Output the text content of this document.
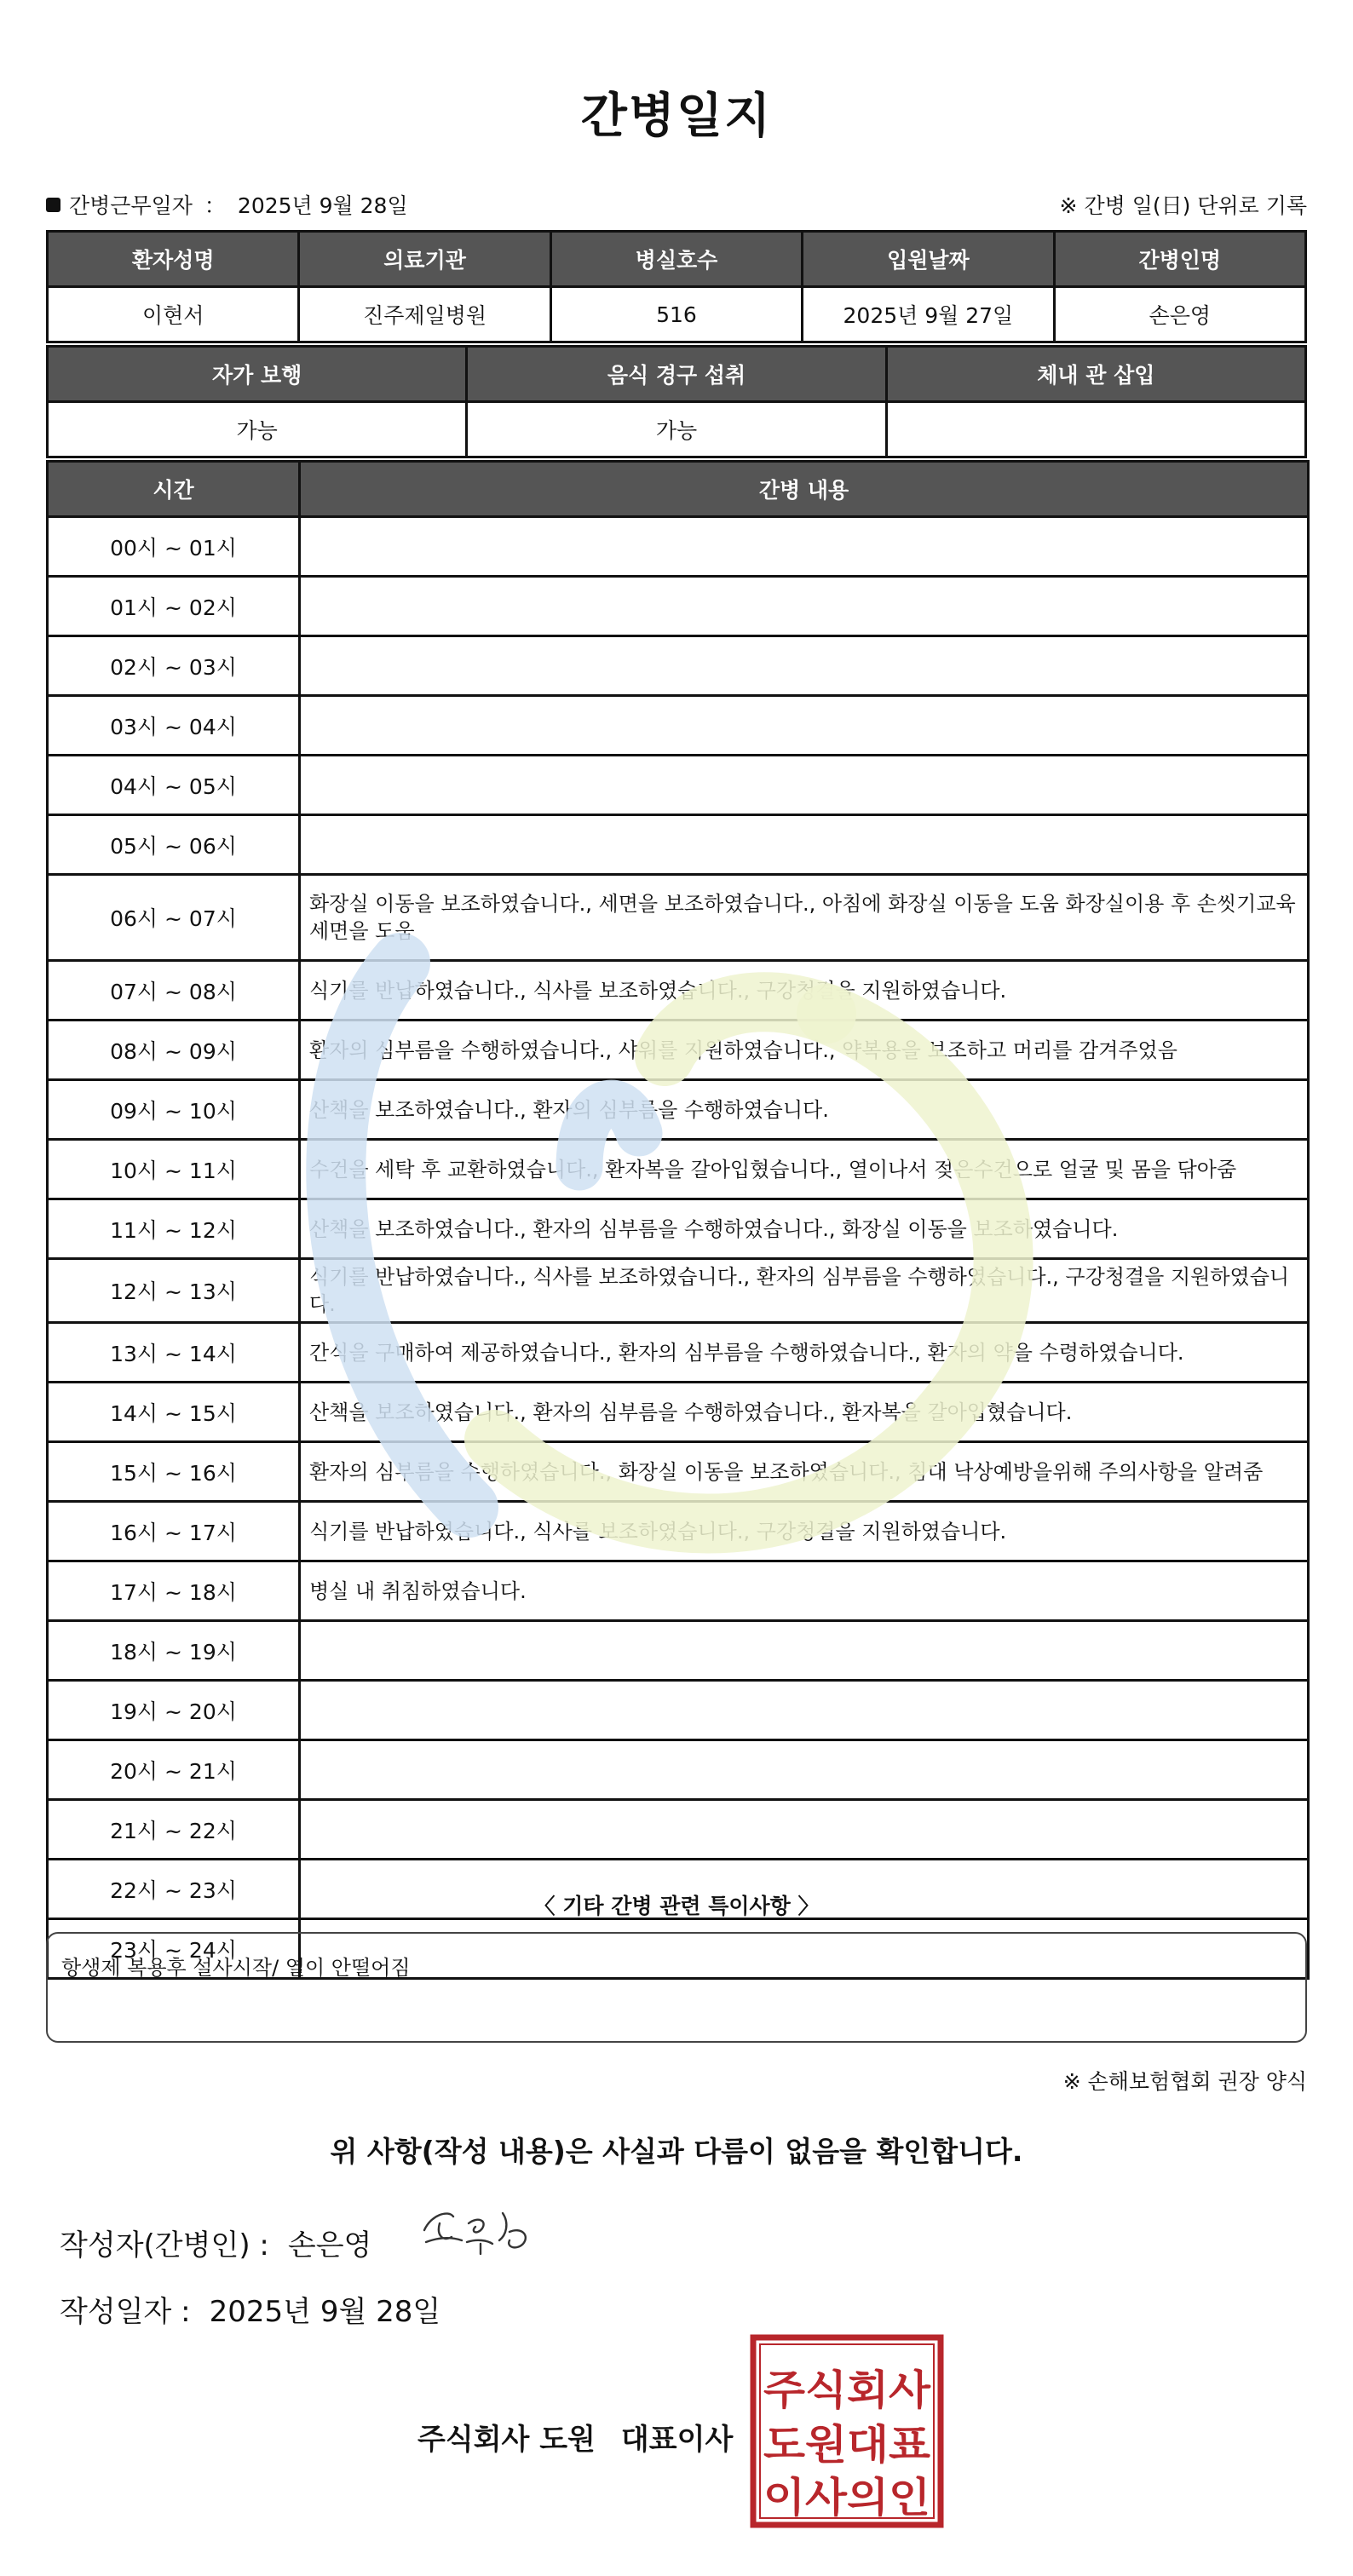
간병일지
간병근무일자 ： 2025년 9월 28일	※ 간병 일(日) 단위로 기록
환자성명	의료기관	병실호수	입원날짜	간병인명
이현서	진주제일병원	516	2025년 9월 27일	손은영
자가 보행	음식 경구 섭취	체내 관 삽입
가능	가능	
시간	간병 내용
00시 ~ 01시	
01시 ~ 02시	
02시 ~ 03시	
03시 ~ 04시	
04시 ~ 05시	
05시 ~ 06시	
06시 ~ 07시	화장실 이동을 보조하였습니다., 세면을 보조하였습니다., 아침에 화장실 이동을 도움 화장실이용 후 손씻기교육 세면을 도움
07시 ~ 08시	식기를 반납하였습니다., 식사를 보조하였습니다., 구강청결을 지원하였습니다.
08시 ~ 09시	환자의 심부름을 수행하였습니다., 샤워를 지원하였습니다., 약복용을 보조하고 머리를 감겨주었음
09시 ~ 10시	산책을 보조하였습니다., 환자의 심부름을 수행하였습니다.
10시 ~ 11시	수건을 세탁 후 교환하였습니다., 환자복을 갈아입혔습니다., 열이나서 젖은수건으로 얼굴 및 몸을 닦아줌
11시 ~ 12시	산책을 보조하였습니다., 환자의 심부름을 수행하였습니다., 화장실 이동을 보조하였습니다.
12시 ~ 13시	식기를 반납하였습니다., 식사를 보조하였습니다., 환자의 심부름을 수행하였습니다., 구강청결을 지원하였습니다.
13시 ~ 14시	간식을 구매하여 제공하였습니다., 환자의 심부름을 수행하였습니다., 환자의 약을 수령하였습니다.
14시 ~ 15시	산책을 보조하였습니다., 환자의 심부름을 수행하였습니다., 환자복을 갈아입혔습니다.
15시 ~ 16시	환자의 심부름을 수행하였습니다., 화장실 이동을 보조하였습니다., 침대 낙상예방을위해 주의사항을 알려줌
16시 ~ 17시	식기를 반납하였습니다., 식사를 보조하였습니다., 구강청결을 지원하였습니다.
17시 ~ 18시	병실 내 취침하였습니다.
18시 ~ 19시	
19시 ~ 20시	
20시 ~ 21시	
21시 ~ 22시	
22시 ~ 23시	
23시 ~ 24시	
〈 기타 간병 관련 특이사항 〉
항생제 복용후 설사시작/ 열이 안떨어짐
※ 손해보험협회 권장 양식
위 사항(작성 내용)은 사실과 다름이 없음을 확인합니다.
작성자(간병인) : 손은영
작성일자 : 2025년 9월 28일
주식회사 도원 대표이사
주식회사
도원대표
이사의인
